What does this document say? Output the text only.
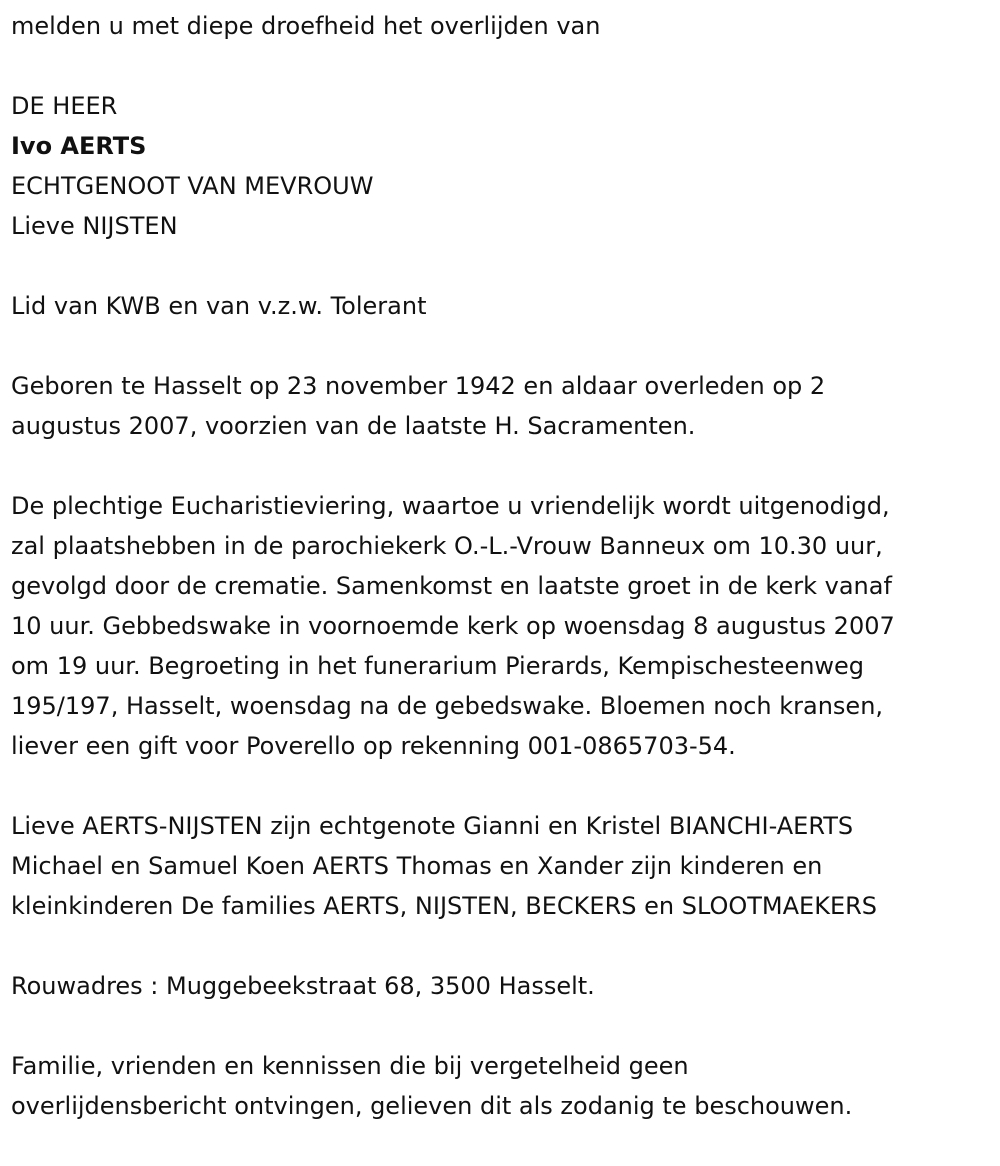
melden u met diepe droefheid het overlijden van

DE HEER

Ivo AERTS

ECHTGENOOT VAN MEVROUW

Lieve NIJSTEN

Lid van KWB en van v.z.w. Tolerant

Geboren te Hasselt op 23 november 1942 en aldaar overleden op 2
augustus 2007, voorzien van de laatste H. Sacramenten.
De plechtige Eucharistieviering, waartoe u vriendelijk wordt uitgenodigd,
zal plaatshebben in de parochiekerk O.-L.-Vrouw Banneux om 10.30 uur,
gevolgd door de crematie. Samenkomst en laatste groet in de kerk vanaf
10 uur. Gebbedswake in voornoemde kerk op woensdag 8 augustus 2007
om 19 uur. Begroeting in het funerarium Pierards, Kempischesteenweg
195/197, Hasselt, woensdag na de gebedswake. Bloemen noch kransen,
liever een gift voor Poverello op rekenning 001-0865703-54.
Lieve AERTS-NIJSTEN zijn echtgenote Gianni en Kristel BIANCHI-AERTS
Michael en Samuel Koen AERTS Thomas en Xander zijn kinderen en
kleinkinderen De families AERTS, NIJSTEN, BECKERS en SLOOTMAEKERS

Rouwadres : Muggebeekstraat 68, 3500 Hasselt.

Familie, vrienden en kennissen die bij vergetelheid geen
overlijdensbericht ontvingen, gelieven dit als zodanig te beschouwen.
